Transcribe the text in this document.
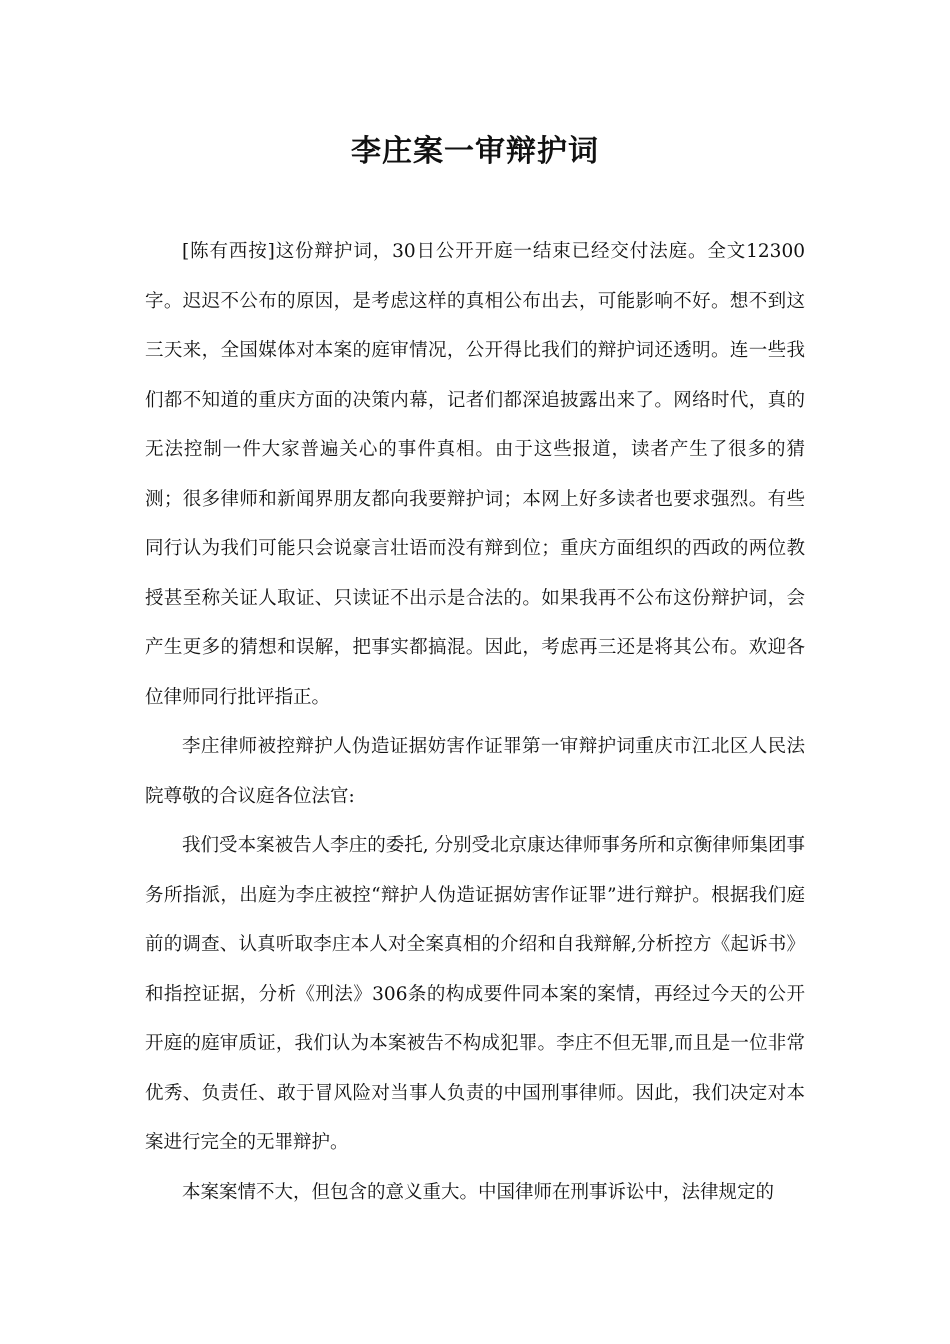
李庄案一审辩护词

[陈有西按]这份辩护词，30日公开开庭一结束已经交付法庭。全文12300字。迟迟不公布的原因，是考虑这样的真相公布出去，可能影响不好。想不到这三天来，全国媒体对本案的庭审情况，公开得比我们的辩护词还透明。连一些我们都不知道的重庆方面的决策内幕，记者们都深追披露出来了。网络时代，真的无法控制一件大家普遍关心的事件真相。由于这些报道，读者产生了很多的猜测；很多律师和新闻界朋友都向我要辩护词；本网上好多读者也要求强烈。有些同行认为我们可能只会说豪言壮语而没有辩到位；重庆方面组织的西政的两位教授甚至称关证人取证、只读证不出示是合法的。如果我再不公布这份辩护词，会产生更多的猜想和误解，把事实都搞混。因此，考虑再三还是将其公布。欢迎各位律师同行批评指正。

李庄律师被控辩护人伪造证据妨害作证罪第一审辩护词重庆市江北区人民法院尊敬的合议庭各位法官:

我们受本案被告人李庄的委托, 分别受北京康达律师事务所和京衡律师集团事务所指派，出庭为李庄被控“辩护人伪造证据妨害作证罪”进行辩护。根据我们庭前的调查、认真听取李庄本人对全案真相的介绍和自我辩解,分析控方《起诉书》和指控证据，分析《刑法》306条的构成要件同本案的案情，再经过今天的公开开庭的庭审质证，我们认为本案被告不构成犯罪。李庄不但无罪,而且是一位非常优秀、负责任、敢于冒风险对当事人负责的中国刑事律师。因此，我们决定对本案进行完全的无罪辩护。

本案案情不大，但包含的意义重大。中国律师在刑事诉讼中，法律规定的
